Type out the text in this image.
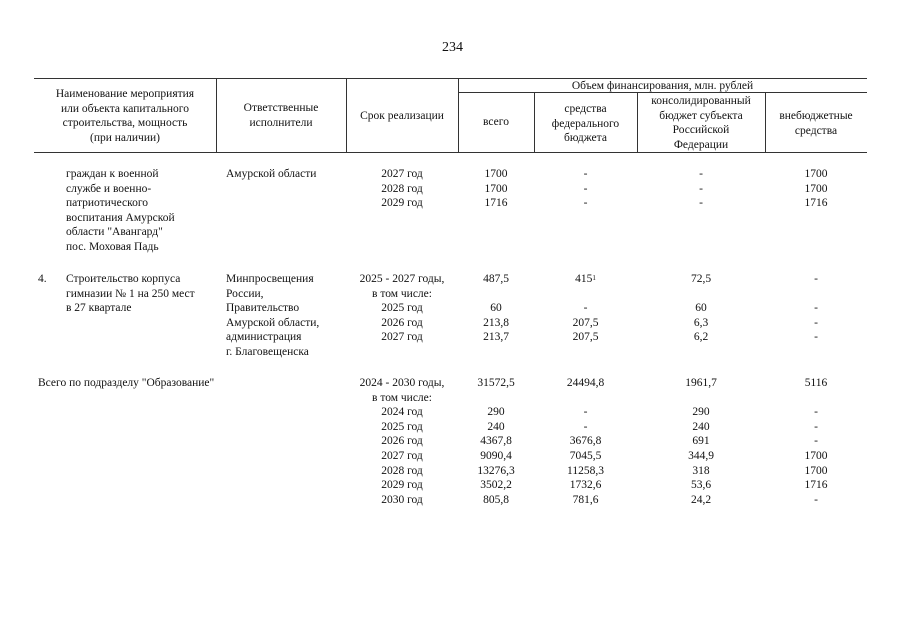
234
Наименование мероприятия
или объекта капитального
строительства, мощность
(при наличии)
Ответственные
исполнители
Срок реализации
Объем финансирования, млн. рублей
всего
средства
федерального
бюджета
консолидированный
бюджет субъекта
Российской
Федерации
внебюджетные
средства
граждан к военной
службе и военно-
патриотического
воспитания Амурской
области "Авангард"
пос. Моховая Падь
Амурской области	2027 год
2028 год
2029 год
1700
1700
1716
-
-
-
-
-
-
1700
1700
1716
4. Строительство корпуса
гимназии № 1 на 250 мест
в 27 квартале
Минпросвещения
России,
Правительство
Амурской области,
администрация
г. Благовещенска
2025 - 2027 годы,
в том числе:
2025 год
2026 год
2027 год
487,5
60
213,8
213,7
$415^1$
-
207,5
207,5
72,5
60
6,3
6,2
-
-
-
-
Всего по подразделу "Образование"	2024 - 2030 годы,
в том числе:
2024 год
2025 год
2026 год
2027 год
2028 год
2029 год
2030 год
31572,5
290
240
4367,8
9090,4
13276,3
3502,2
805,8
24494,8
-
-
3676,8
7045,5
11258,3
1732,6
781,6
1961,7
290
240
691
344,9
318
53,6
24,2
5116
-
-
-
1700
1700
1716
-
